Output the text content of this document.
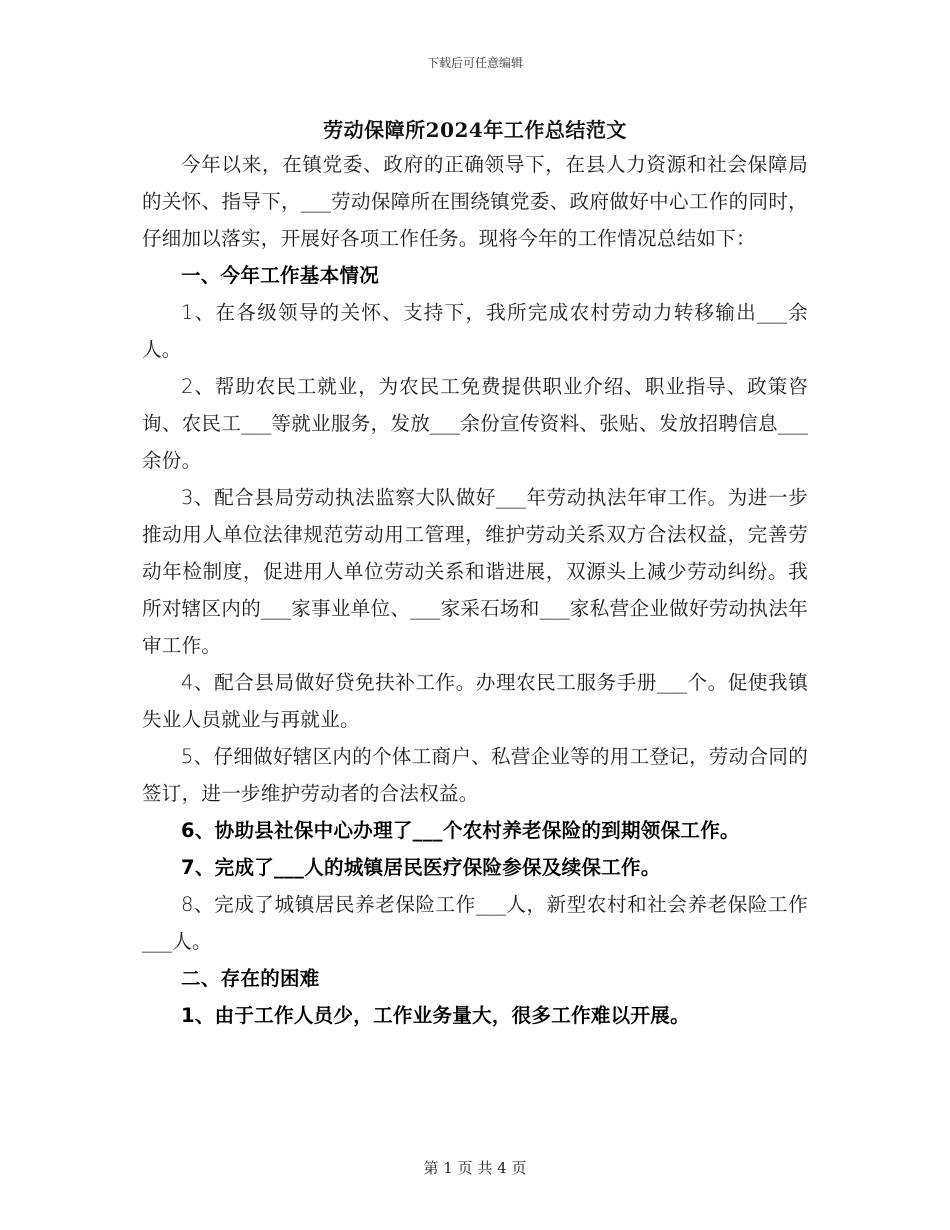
下载后可任意编辑
劳动保障所2024年工作总结范文

今年以来，在镇党委、政府的正确领导下，在县人力资源和社会保障局的关怀、指导下，___劳动保障所在围绕镇党委、政府做好中心工作的同时，仔细加以落实，开展好各项工作任务。现将今年的工作情况总结如下：

一、今年工作基本情况

1、在各级领导的关怀、支持下，我所完成农村劳动力转移输出___余人。

2、帮助农民工就业，为农民工免费提供职业介绍、职业指导、政策咨询、农民工___等就业服务，发放___余份宣传资料、张贴、发放招聘信息___余份。

3、配合县局劳动执法监察大队做好___年劳动执法年审工作。为进一步推动用人单位法律规范劳动用工管理，维护劳动关系双方合法权益，完善劳动年检制度，促进用人单位劳动关系和谐进展，双源头上减少劳动纠纷。我所对辖区内的___家事业单位、___家采石场和___家私营企业做好劳动执法年审工作。

4、配合县局做好贷免扶补工作。办理农民工服务手册___个。促使我镇失业人员就业与再就业。

5、仔细做好辖区内的个体工商户、私营企业等的用工登记，劳动合同的签订，进一步维护劳动者的合法权益。

6、协助县社保中心办理了___个农村养老保险的到期领保工作。

7、完成了___人的城镇居民医疗保险参保及续保工作。

8、完成了城镇居民养老保险工作___人，新型农村和社会养老保险工作___人。

二、存在的困难

1、由于工作人员少，工作业务量大，很多工作难以开展。

第 1 页 共 4 页
